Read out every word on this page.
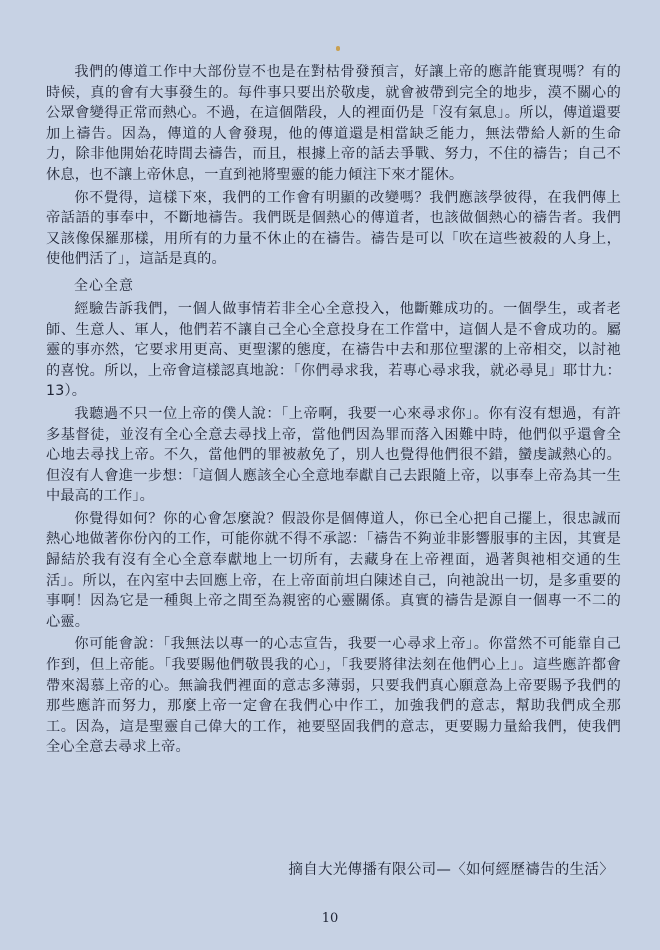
我們的傳道工作中大部份豈不也是在對枯骨發預言，好讓上帝的應許能實現嗎？有的時候，真的會有大事發生的。每件事只要出於敬虔，就會被帶到完全的地步，漠不關心的公眾會變得正常而熱心。不過，在這個階段，人的裡面仍是「沒有氣息」。所以，傳道還要加上禱告。因為，傳道的人會發現，他的傳道還是相當缺乏能力，無法帶給人新的生命力，除非他開始花時間去禱告，而且，根據上帝的話去爭戰、努力，不住的禱告；自己不休息，也不讓上帝休息，一直到祂將聖靈的能力傾注下來才罷休。

你不覺得，這樣下來，我們的工作會有明顯的改變嗎？我們應該學彼得，在我們傳上帝話語的事奉中，不斷地禱告。我們既是個熱心的傳道者，也該做個熱心的禱告者。我們又該像保羅那樣，用所有的力量不休止的在禱告。禱告是可以「吹在這些被殺的人身上，使他們活了」，這話是真的。

全心全意

經驗告訴我們，一個人做事情若非全心全意投入，他斷難成功的。一個學生，或者老師、生意人、軍人，他們若不讓自己全心全意投身在工作當中，這個人是不會成功的。屬靈的事亦然，它要求用更高、更聖潔的態度，在禱告中去和那位聖潔的上帝相交，以討祂的喜悅。所以，上帝會這樣認真地說：「你們尋求我，若專心尋求我，就必尋見」耶廿九：13）。

我聽過不只一位上帝的僕人說：「上帝啊，我要一心來尋求你」。你有沒有想過，有許多基督徒，並沒有全心全意去尋找上帝，當他們因為罪而落入困難中時，他們似乎還會全心地去尋找上帝。不久，當他們的罪被赦免了，別人也覺得他們很不錯，蠻虔誠熱心的。但沒有人會進一步想：「這個人應該全心全意地奉獻自己去跟隨上帝，以事奉上帝為其一生中最高的工作」。

你覺得如何？你的心會怎麼說？假設你是個傳道人，你已全心把自己擺上，很忠誠而熱心地做著你份內的工作，可能你就不得不承認：「禱告不夠並非影響服事的主因，其實是歸結於我有沒有全心全意奉獻地上一切所有，去藏身在上帝裡面，過著與祂相交通的生活」。所以，在內室中去回應上帝，在上帝面前坦白陳述自己，向祂說出一切，是多重要的事啊！因為它是一種與上帝之間至為親密的心靈關係。真實的禱告是源自一個專一不二的心靈。

你可能會說：「我無法以專一的心志宣告，我要一心尋求上帝」。你當然不可能靠自己作到，但上帝能。「我要賜他們敬畏我的心」，「我要將律法刻在他們心上」。這些應許都會帶來渴慕上帝的心。無論我們裡面的意志多薄弱，只要我們真心願意為上帝要賜予我們的那些應許而努力，那麼上帝一定會在我們心中作工，加強我們的意志，幫助我們成全那工。因為，這是聖靈自己偉大的工作，祂要堅固我們的意志，更要賜力量給我們，使我們全心全意去尋求上帝。

摘自大光傳播有限公司—〈如何經歷禱告的生活〉
10
